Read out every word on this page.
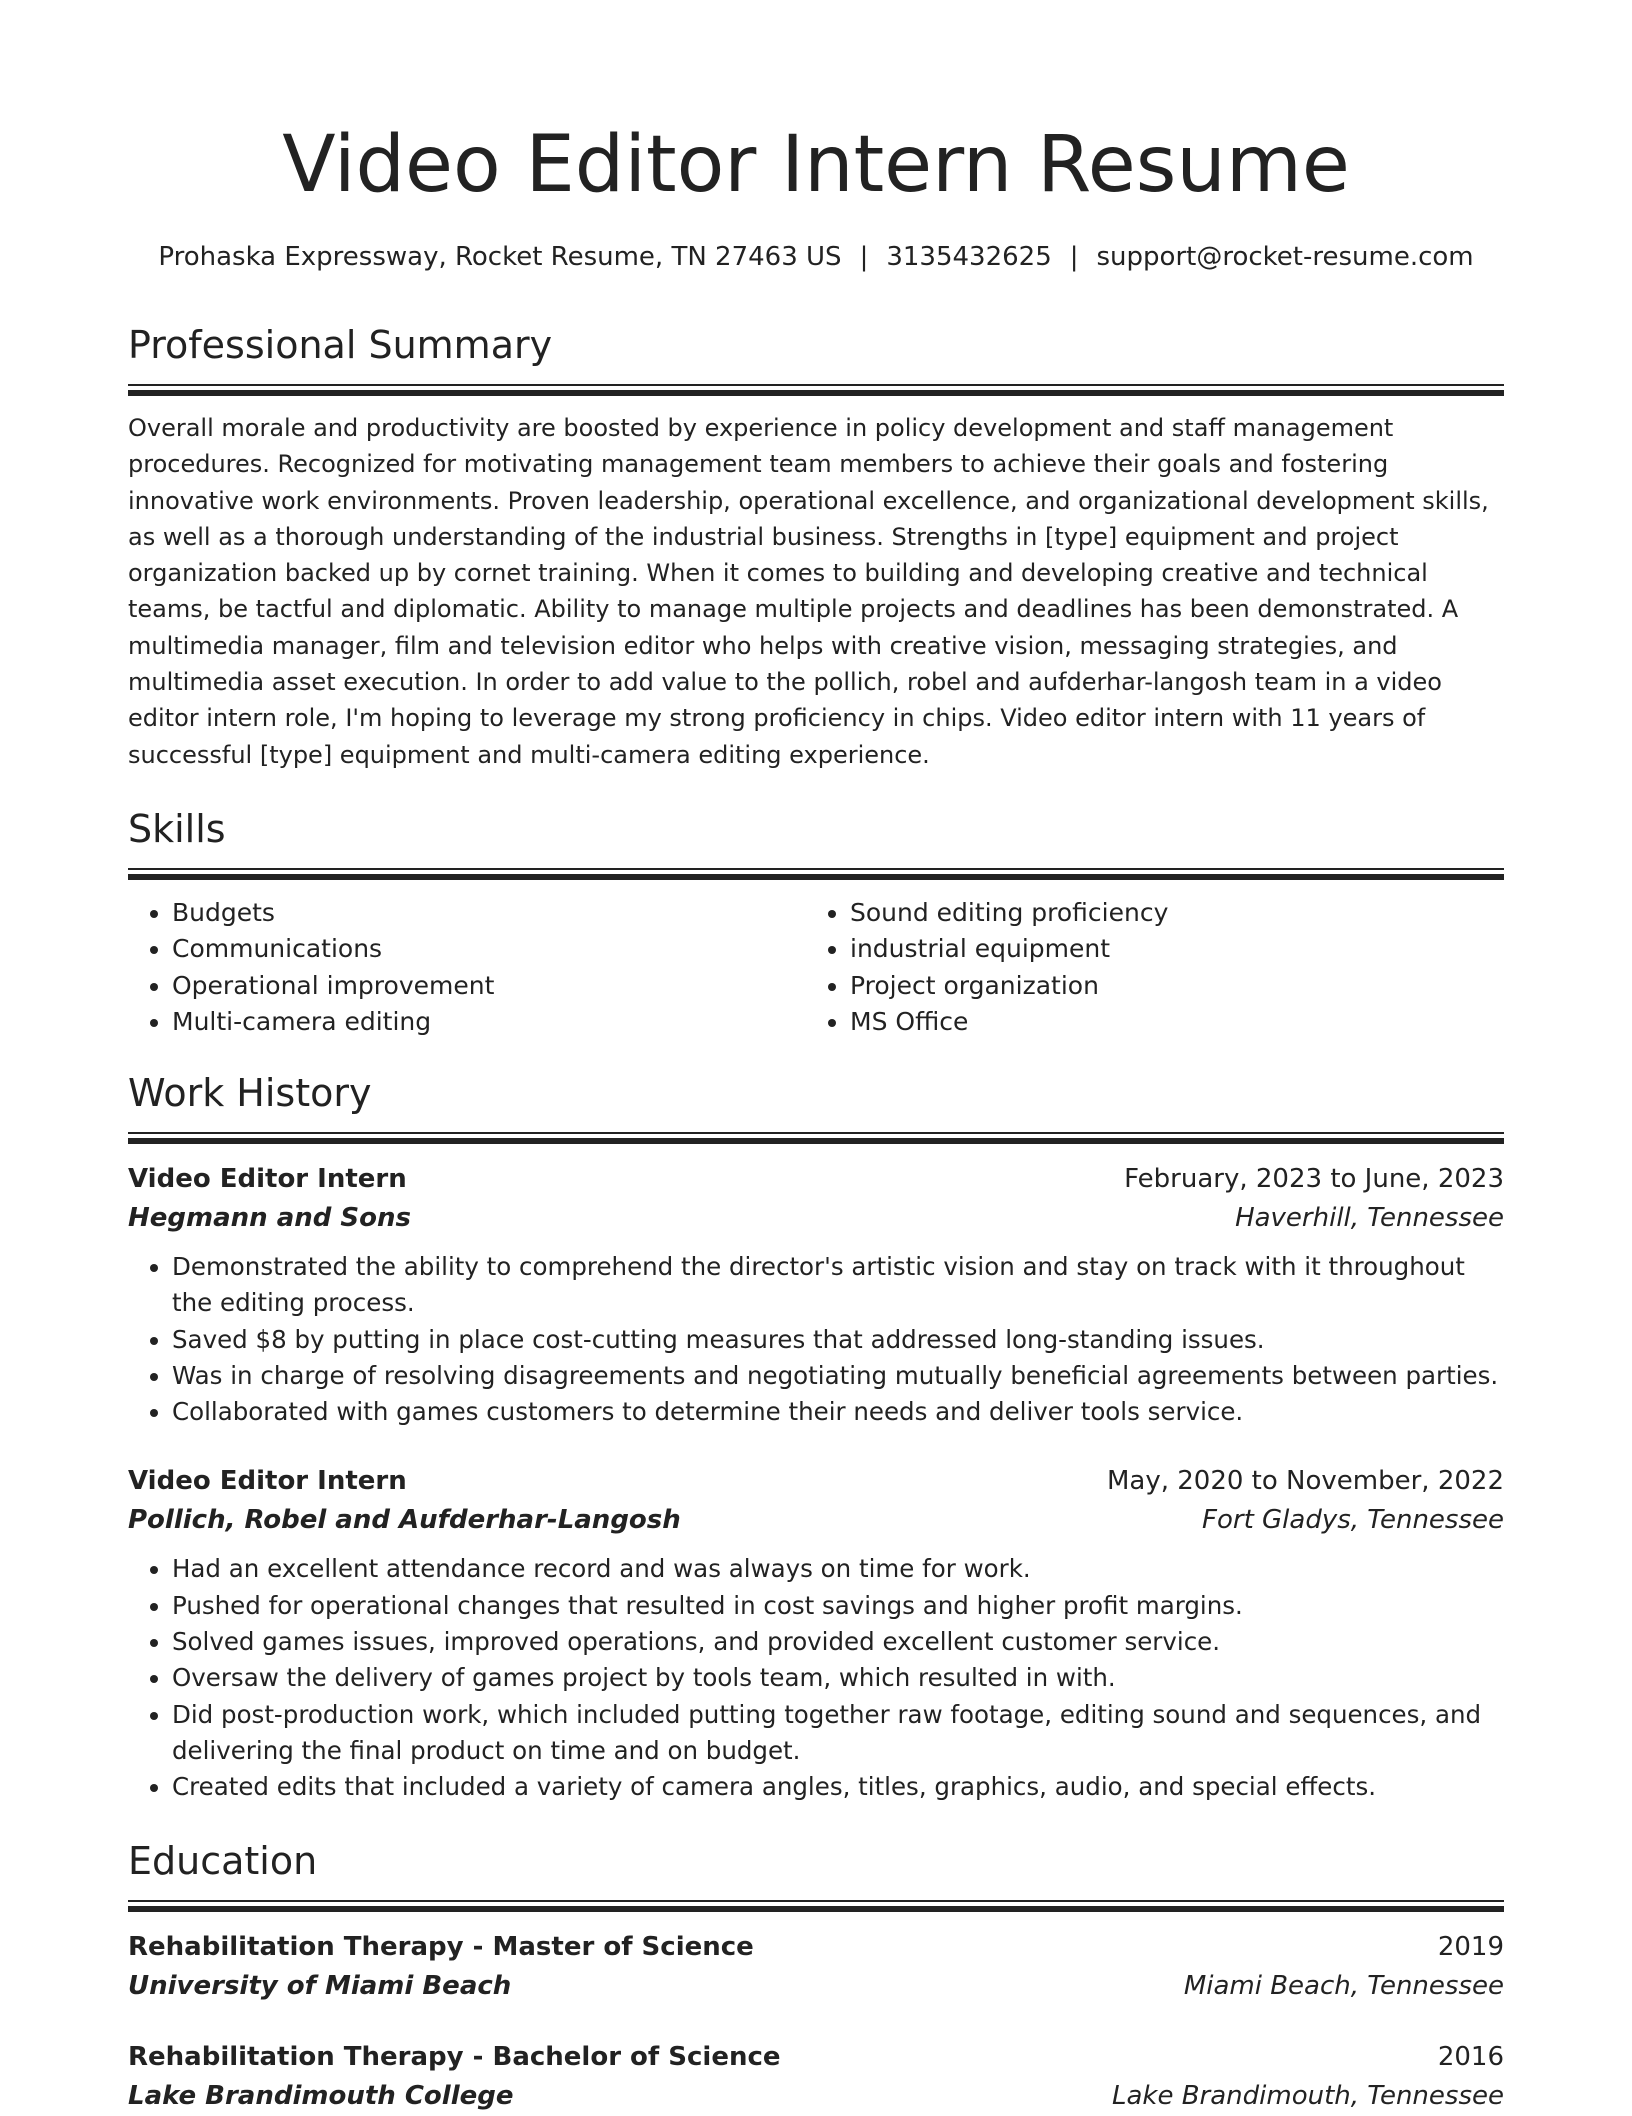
Video Editor Intern Resume
Prohaska Expressway, Rocket Resume, TN 27463 US | 3135432625 | support@rocket-resume.com
Professional Summary
Overall morale and productivity are boosted by experience in policy development and staff management procedures. Recognized for motivating management team members to achieve their goals and fostering innovative work environments. Proven leadership, operational excellence, and organizational development skills, as well as a thorough understanding of the industrial business. Strengths in [type] equipment and project organization backed up by cornet training. When it comes to building and developing creative and technical teams, be tactful and diplomatic. Ability to manage multiple projects and deadlines has been demonstrated. A multimedia manager, film and television editor who helps with creative vision, messaging strategies, and multimedia asset execution. In order to add value to the pollich, robel and aufderhar-langosh team in a video editor intern role, I'm hoping to leverage my strong proficiency in chips. Video editor intern with 11 years of successful [type] equipment and multi-camera editing experience.
Skills
• Budgets
• Communications
• Operational improvement
• Multi-camera editing
• Sound editing proficiency
• industrial equipment
• Project organization
• MS Office
Work History
Video Editor Intern	February, 2023 to June, 2023
Hegmann and Sons	Haverhill, Tennessee
• Demonstrated the ability to comprehend the director's artistic vision and stay on track with it throughout the editing process.
• Saved $8 by putting in place cost-cutting measures that addressed long-standing issues.
• Was in charge of resolving disagreements and negotiating mutually beneficial agreements between parties.
• Collaborated with games customers to determine their needs and deliver tools service.
Video Editor Intern	May, 2020 to November, 2022
Pollich, Robel and Aufderhar-Langosh	Fort Gladys, Tennessee
• Had an excellent attendance record and was always on time for work.
• Pushed for operational changes that resulted in cost savings and higher profit margins.
• Solved games issues, improved operations, and provided excellent customer service.
• Oversaw the delivery of games project by tools team, which resulted in with.
• Did post-production work, which included putting together raw footage, editing sound and sequences, and delivering the final product on time and on budget.
• Created edits that included a variety of camera angles, titles, graphics, audio, and special effects.
Education
Rehabilitation Therapy - Master of Science	2019
University of Miami Beach	Miami Beach, Tennessee
Rehabilitation Therapy - Bachelor of Science	2016
Lake Brandimouth College	Lake Brandimouth, Tennessee
